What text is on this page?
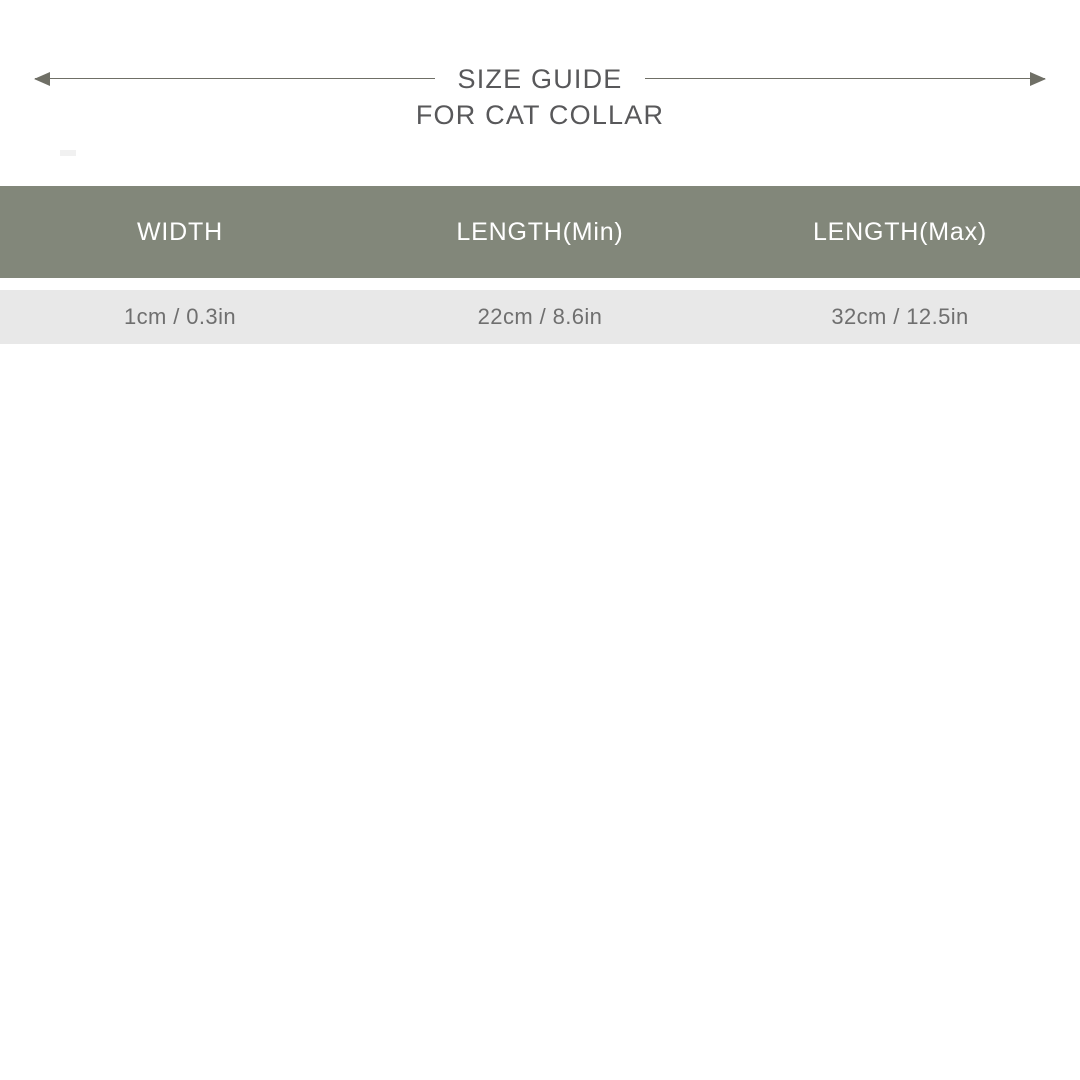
SIZE GUIDE
FOR CAT COLLAR
WIDTH	LENGTH(Min)	LENGTH(Max)
1cm / 0.3in	22cm / 8.6in	32cm / 12.5in
